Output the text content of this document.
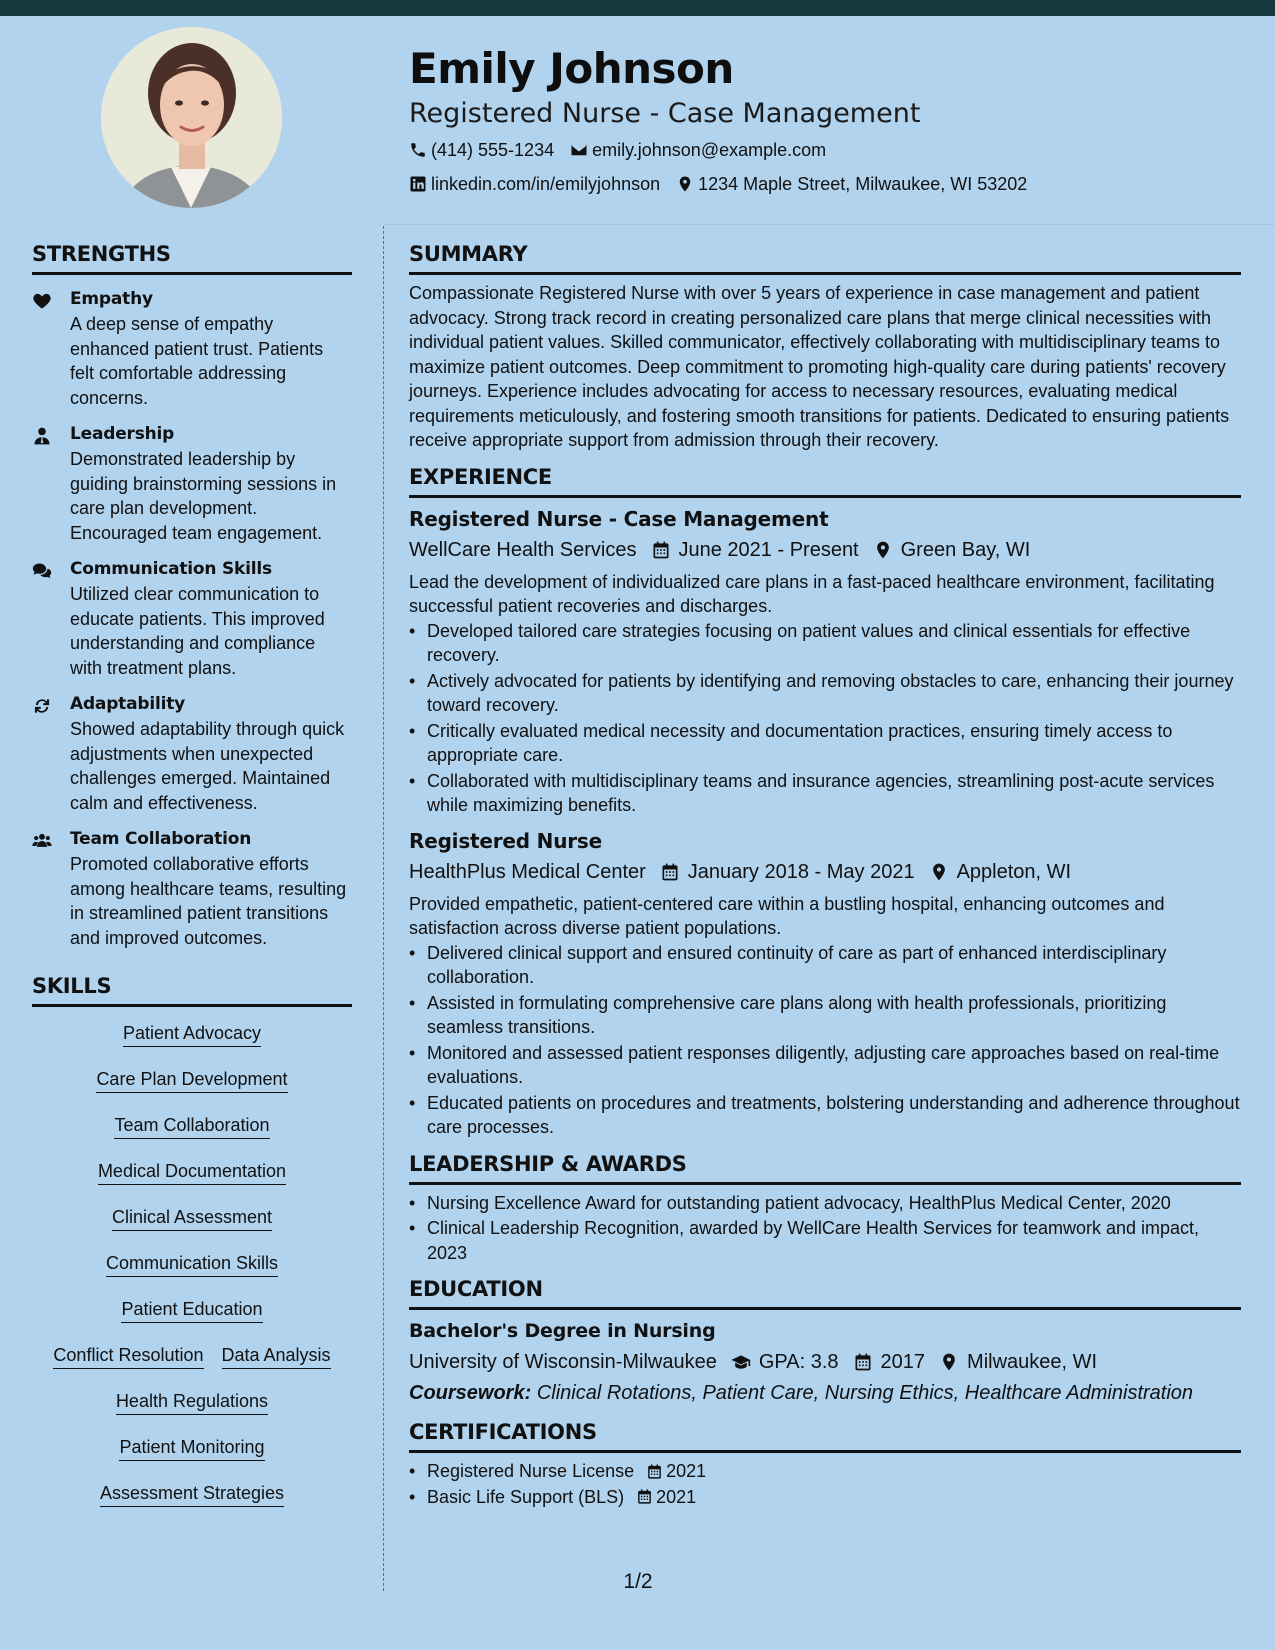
Emily Johnson
Registered Nurse - Case Management
(414) 555-1234 emily.johnson@example.com
linkedin.com/in/emilyjohnson 1234 Maple Street, Milwaukee, WI 53202
STRENGTHS
Empathy
A deep sense of empathy enhanced patient trust. Patients felt comfortable addressing concerns.
Leadership
Demonstrated leadership by guiding brainstorming sessions in care plan development. Encouraged team engagement.
Communication Skills
Utilized clear communication to educate patients. This improved understanding and compliance with treatment plans.
Adaptability
Showed adaptability through quick adjustments when unexpected challenges emerged. Maintained calm and effectiveness.
Team Collaboration
Promoted collaborative efforts among healthcare teams, resulting in streamlined patient transitions and improved outcomes.
SKILLS
Patient Advocacy
Care Plan Development
Team Collaboration
Medical Documentation
Clinical Assessment
Communication Skills
Patient Education
Conflict Resolution Data Analysis
Health Regulations
Patient Monitoring
Assessment Strategies
SUMMARY
Compassionate Registered Nurse with over 5 years of experience in case management and patient advocacy. Strong track record in creating personalized care plans that merge clinical necessities with individual patient values. Skilled communicator, effectively collaborating with multidisciplinary teams to maximize patient outcomes. Deep commitment to promoting high-quality care during patients' recovery journeys. Experience includes advocating for access to necessary resources, evaluating medical requirements meticulously, and fostering smooth transitions for patients. Dedicated to ensuring patients receive appropriate support from admission through their recovery.
EXPERIENCE
Registered Nurse - Case Management
WellCare Health Services June 2021 - Present Green Bay, WI
Lead the development of individualized care plans in a fast-paced healthcare environment, facilitating successful patient recoveries and discharges.
• Developed tailored care strategies focusing on patient values and clinical essentials for effective recovery.
• Actively advocated for patients by identifying and removing obstacles to care, enhancing their journey toward recovery.
• Critically evaluated medical necessity and documentation practices, ensuring timely access to appropriate care.
• Collaborated with multidisciplinary teams and insurance agencies, streamlining post-acute services while maximizing benefits.
Registered Nurse
HealthPlus Medical Center January 2018 - May 2021 Appleton, WI
Provided empathetic, patient-centered care within a bustling hospital, enhancing outcomes and satisfaction across diverse patient populations.
• Delivered clinical support and ensured continuity of care as part of enhanced interdisciplinary collaboration.
• Assisted in formulating comprehensive care plans along with health professionals, prioritizing seamless transitions.
• Monitored and assessed patient responses diligently, adjusting care approaches based on real-time evaluations.
• Educated patients on procedures and treatments, bolstering understanding and adherence throughout care processes.
LEADERSHIP & AWARDS
• Nursing Excellence Award for outstanding patient advocacy, HealthPlus Medical Center, 2020
• Clinical Leadership Recognition, awarded by WellCare Health Services for teamwork and impact, 2023
EDUCATION
Bachelor's Degree in Nursing
University of Wisconsin-Milwaukee GPA: 3.8 2017 Milwaukee, WI
Coursework: Clinical Rotations, Patient Care, Nursing Ethics, Healthcare Administration
CERTIFICATIONS
• Registered Nurse License 2021
• Basic Life Support (BLS) 2021
1/2
